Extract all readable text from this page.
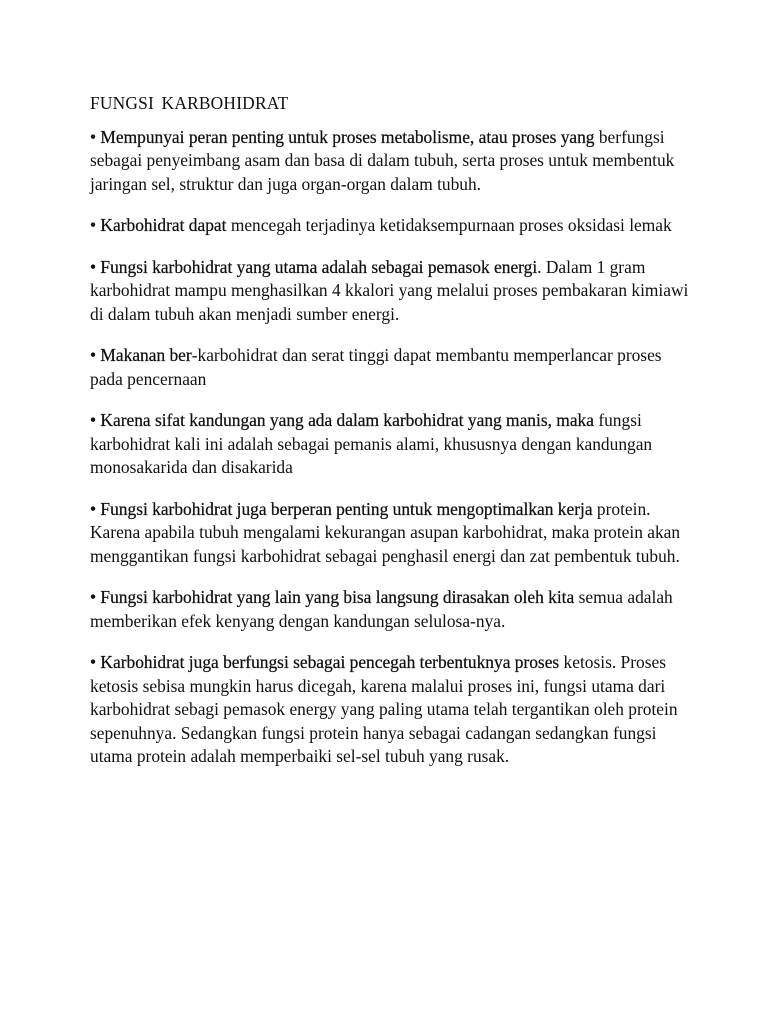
FUNGSI KARBOHIDRAT

• Mempunyai peran penting untuk proses metabolisme, atau proses yang berfungsi sebagai penyeimbang asam dan basa di dalam tubuh, serta proses untuk membentuk jaringan sel, struktur dan juga organ-organ dalam tubuh.

• Karbohidrat dapat mencegah terjadinya ketidaksempurnaan proses oksidasi lemak

• Fungsi karbohidrat yang utama adalah sebagai pemasok energi. Dalam 1 gram karbohidrat mampu menghasilkan 4 kkalori yang melalui proses pembakaran kimiawi di dalam tubuh akan menjadi sumber energi.

• Makanan ber-karbohidrat dan serat tinggi dapat membantu memperlancar proses pada pencernaan

• Karena sifat kandungan yang ada dalam karbohidrat yang manis, maka fungsi karbohidrat kali ini adalah sebagai pemanis alami, khususnya dengan kandungan monosakarida dan disakarida

• Fungsi karbohidrat juga berperan penting untuk mengoptimalkan kerja protein. Karena apabila tubuh mengalami kekurangan asupan karbohidrat, maka protein akan menggantikan fungsi karbohidrat sebagai penghasil energi dan zat pembentuk tubuh.

• Fungsi karbohidrat yang lain yang bisa langsung dirasakan oleh kita semua adalah memberikan efek kenyang dengan kandungan selulosa-nya.

• Karbohidrat juga berfungsi sebagai pencegah terbentuknya proses ketosis. Proses ketosis sebisa mungkin harus dicegah, karena malalui proses ini, fungsi utama dari karbohidrat sebagi pemasok energy yang paling utama telah tergantikan oleh protein sepenuhnya. Sedangkan fungsi protein hanya sebagai cadangan sedangkan fungsi utama protein adalah memperbaiki sel-sel tubuh yang rusak.
